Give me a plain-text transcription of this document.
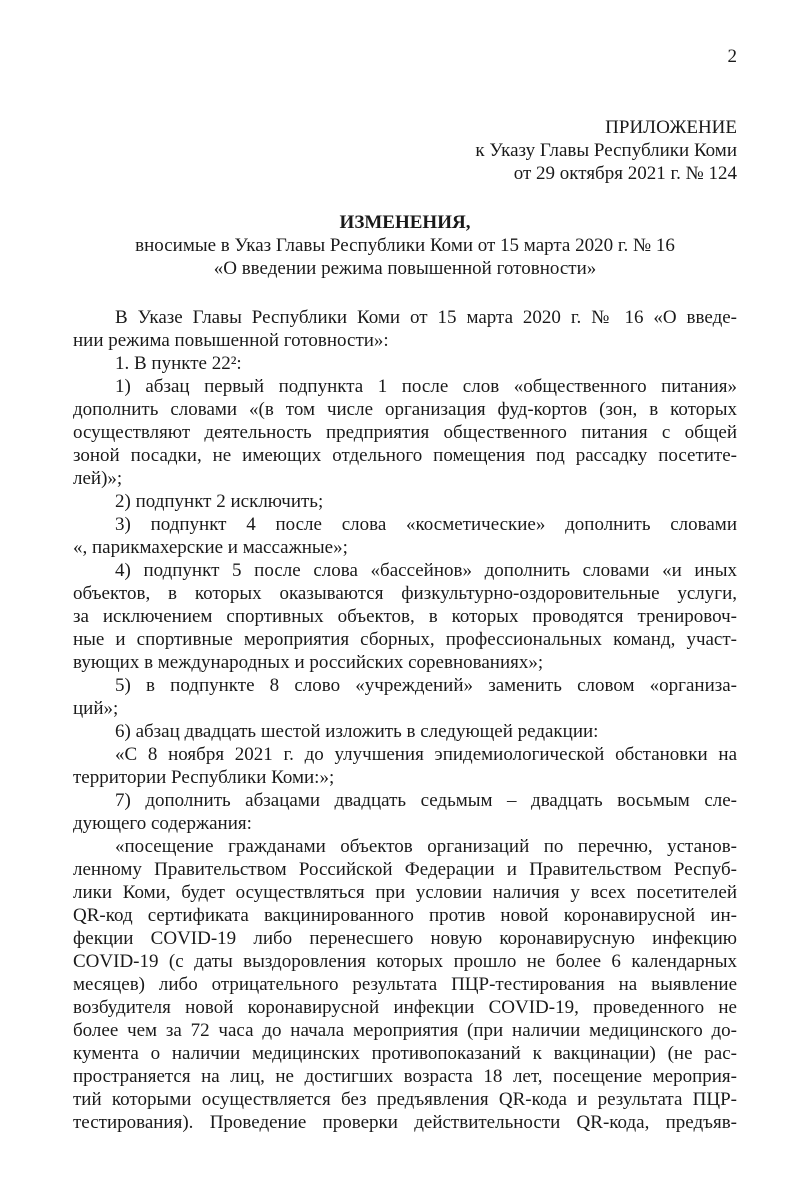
2
ПРИЛОЖЕНИЕ
к Указу Главы Республики Коми
от 29 октября 2021 г. № 124
ИЗМЕНЕНИЯ,
вносимые в Указ Главы Республики Коми от 15 марта 2020 г. № 16
«О введении режима повышенной готовности»
В Указе Главы Республики Коми от 15 марта 2020 г. № 16 «О введе-
нии режима повышенной готовности»:
1. В пункте 22²:
1) абзац первый подпункта 1 после слов «общественного питания»
дополнить словами «(в том числе организация фуд-кортов (зон, в которых
осуществляют деятельность предприятия общественного питания с общей
зоной посадки, не имеющих отдельного помещения под рассадку посетите-
лей)»;
2) подпункт 2 исключить;
3) подпункт 4 после слова «косметические» дополнить словами
«, парикмахерские и массажные»;
4) подпункт 5 после слова «бассейнов» дополнить словами «и иных
объектов, в которых оказываются физкультурно-оздоровительные услуги,
за исключением спортивных объектов, в которых проводятся тренировоч-
ные и спортивные мероприятия сборных, профессиональных команд, участ-
вующих в международных и российских соревнованиях»;
5) в подпункте 8 слово «учреждений» заменить словом «организа-
ций»;
6) абзац двадцать шестой изложить в следующей редакции:
«С 8 ноября 2021 г. до улучшения эпидемиологической обстановки на
территории Республики Коми:»;
7) дополнить абзацами двадцать седьмым – двадцать восьмым сле-
дующего содержания:
«посещение гражданами объектов организаций по перечню, установ-
ленному Правительством Российской Федерации и Правительством Респуб-
лики Коми, будет осуществляться при условии наличия у всех посетителей
QR-код сертификата вакцинированного против новой коронавирусной ин-
фекции COVID-19 либо перенесшего новую коронавирусную инфекцию
COVID-19 (с даты выздоровления которых прошло не более 6 календарных
месяцев) либо отрицательного результата ПЦР-тестирования на выявление
возбудителя новой коронавирусной инфекции COVID-19, проведенного не
более чем за 72 часа до начала мероприятия (при наличии медицинского до-
кумента о наличии медицинских противопоказаний к вакцинации) (не рас-
пространяется на лиц, не достигших возраста 18 лет, посещение мероприя-
тий которыми осуществляется без предъявления QR-кода и результата ПЦР-
тестирования). Проведение проверки действительности QR-кода, предъяв-
